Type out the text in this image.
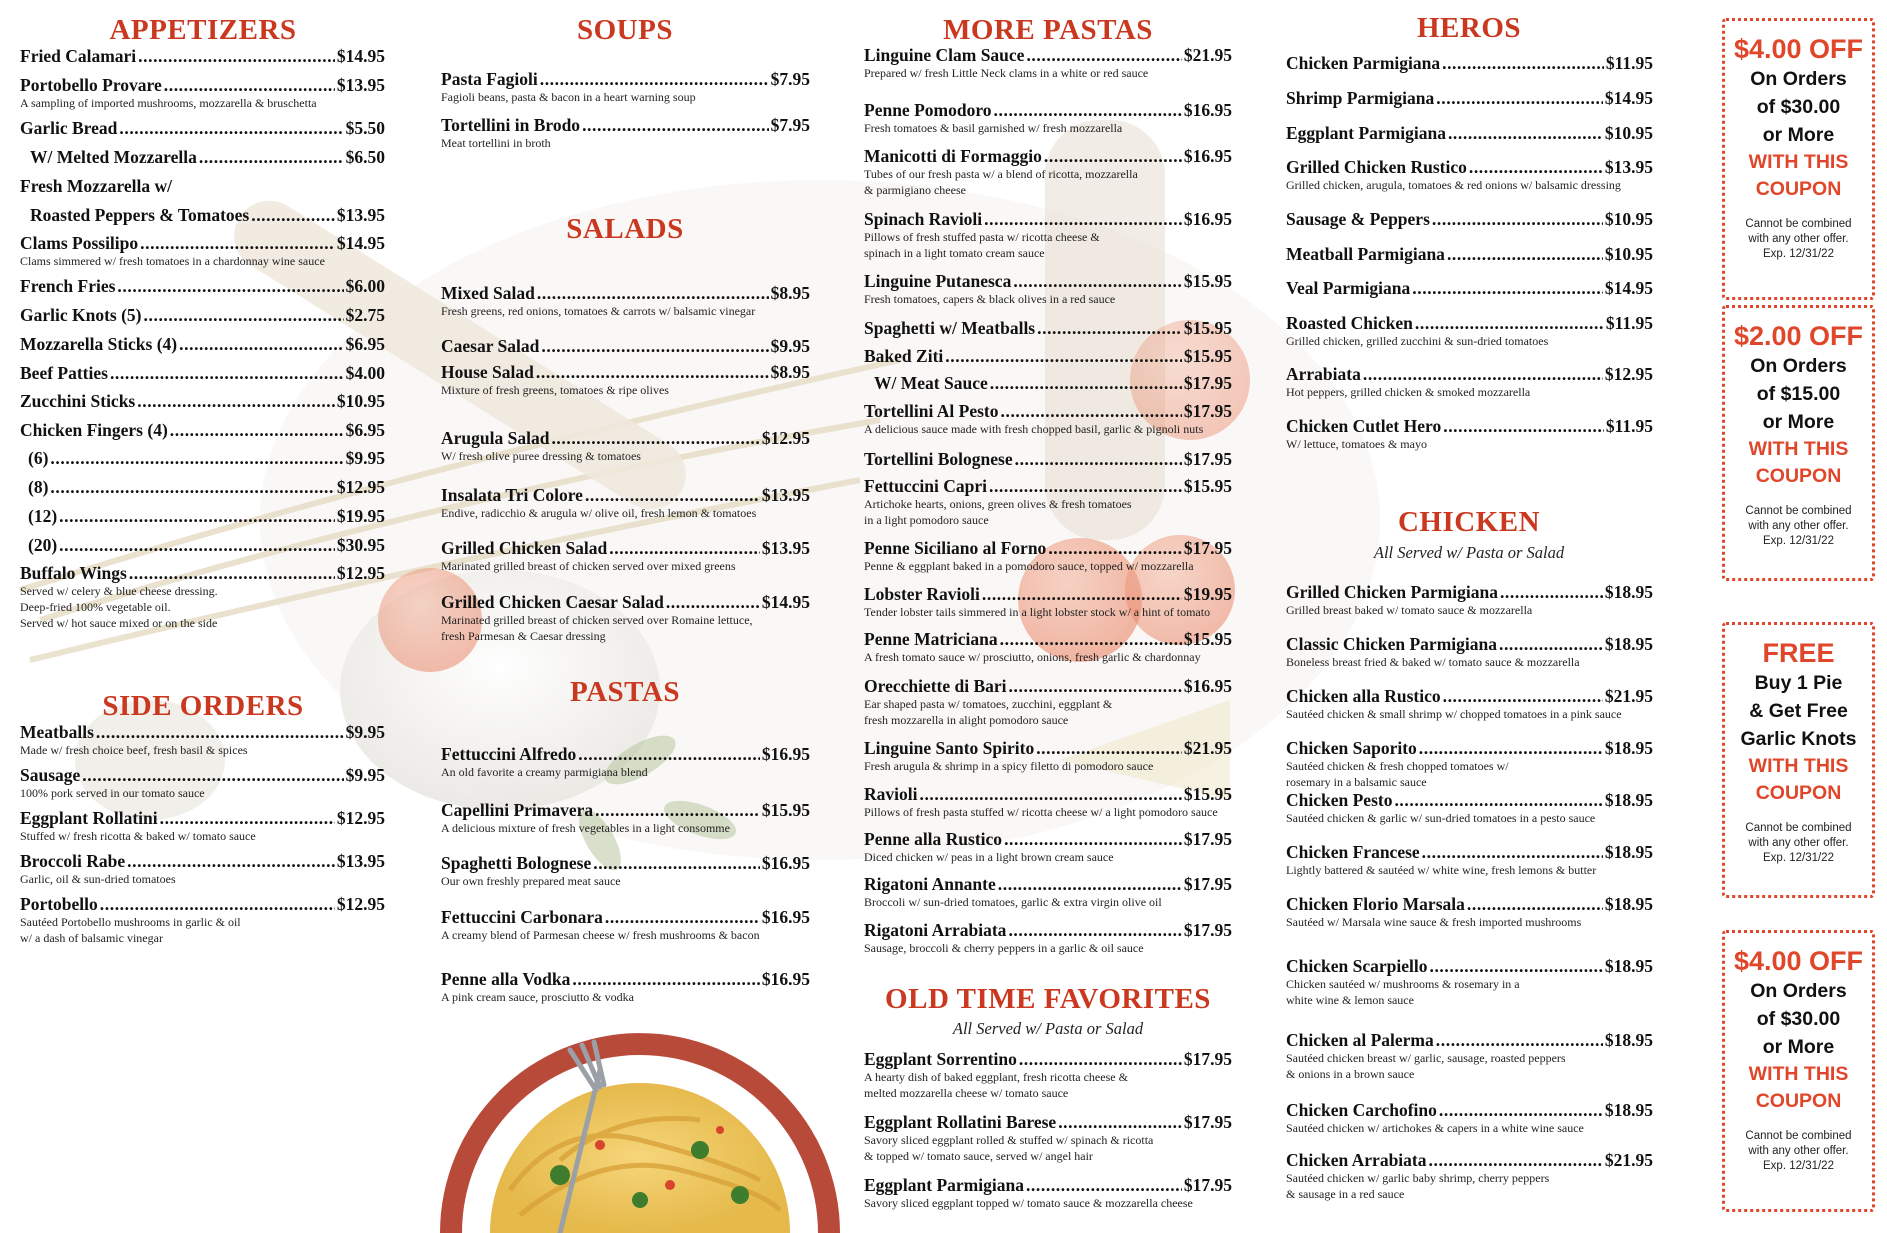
APPETIZERS
Fried Calamari .....	$14.95
Portobello Provare .....	$13.95
A sampling of imported mushrooms, mozzarella & bruschetta
Garlic Bread .....	$5.50
W/ Melted Mozzarella .....	$6.50
Fresh Mozzarella w/
Roasted Peppers & Tomatoes .....	$13.95
Clams Possilipo .....	$14.95
Clams simmered w/ fresh tomatoes in a chardonnay wine sauce
French Fries .....	$6.00
Garlic Knots (5) .....	$2.75
Mozzarella Sticks (4) .....	$6.95
Beef Patties .....	$4.00
Zucchini Sticks .....	$10.95
Chicken Fingers (4) .....	$6.95
(6) .....	$9.95
(8) .....	$12.95
(12) .....	$19.95
(20) .....	$30.95
Buffalo Wings .....	$12.95
Served w/ celery & blue cheese dressing.
Deep-fried 100% vegetable oil.
Served w/ hot sauce mixed or on the side
SIDE ORDERS
Meatballs .....	$9.95
Made w/ fresh choice beef, fresh basil & spices
Sausage .....	$9.95
100% pork served in our tomato sauce
Eggplant Rollatini .....	$12.95
Stuffed w/ fresh ricotta & baked w/ tomato sauce
Broccoli Rabe .....	$13.95
Garlic, oil & sun-dried tomatoes
Portobello .....	$12.95
Sautéed Portobello mushrooms in garlic & oil
w/ a dash of balsamic vinegar
SOUPS
Pasta Fagioli .....	$7.95
Fagioli beans, pasta & bacon in a heart warning soup
Tortellini in Brodo .....	$7.95
Meat tortellini in broth
SALADS
Mixed Salad .....	$8.95
Fresh greens, red onions, tomatoes & carrots w/ balsamic vinegar
Caesar Salad .....	$9.95
House Salad .....	$8.95
Mixture of fresh greens, tomatoes & ripe olives
Arugula Salad .....	$12.95
W/ fresh olive puree dressing & tomatoes
Insalata Tri Colore .....	$13.95
Endive, radicchio & arugula w/ olive oil, fresh lemon & tomatoes
Grilled Chicken Salad .....	$13.95
Marinated grilled breast of chicken served over mixed greens
Grilled Chicken Caesar Salad .....	$14.95
Marinated grilled breast of chicken served over Romaine lettuce,
fresh Parmesan & Caesar dressing
PASTAS
Fettuccini Alfredo .....	$16.95
An old favorite a creamy parmigiana blend
Capellini Primavera .....	$15.95
A delicious mixture of fresh vegetables in a light consomme
Spaghetti Bolognese .....	$16.95
Our own freshly prepared meat sauce
Fettuccini Carbonara .....	$16.95
A creamy blend of Parmesan cheese w/ fresh mushrooms & bacon
Penne alla Vodka .....	$16.95
A pink cream sauce, prosciutto & vodka
MORE PASTAS
Linguine Clam Sauce .....	$21.95
Prepared w/ fresh Little Neck clams in a white or red sauce
Penne Pomodoro .....	$16.95
Fresh tomatoes & basil garnished w/ fresh mozzarella
Manicotti di Formaggio .....	$16.95
Tubes of our fresh pasta w/ a blend of ricotta, mozzarella
& parmigiano cheese
Spinach Ravioli .....	$16.95
Pillows of fresh stuffed pasta w/ ricotta cheese &
spinach in a light tomato cream sauce
Linguine Putanesca .....	$15.95
Fresh tomatoes, capers & black olives in a red sauce
Spaghetti w/ Meatballs .....	$15.95
Baked Ziti .....	$15.95
W/ Meat Sauce .....	$17.95
Tortellini Al Pesto .....	$17.95
A delicious sauce made with fresh chopped basil, garlic & pignoli nuts
Tortellini Bolognese .....	$17.95
Fettuccini Capri .....	$15.95
Artichoke hearts, onions, green olives & fresh tomatoes
in a light pomodoro sauce
Penne Siciliano al Forno .....	$17.95
Penne & eggplant baked in a pomodoro sauce, topped w/ mozzarella
Lobster Ravioli .....	$19.95
Tender lobster tails simmered in a light lobster stock w/ a hint of tomato
Penne Matriciana .....	$15.95
A fresh tomato sauce w/ prosciutto, onions, fresh garlic & chardonnay
Orecchiette di Bari .....	$16.95
Ear shaped pasta w/ tomatoes, zucchini, eggplant &
fresh mozzarella in alight pomodoro sauce
Linguine Santo Spirito .....	$21.95
Fresh arugula & shrimp in a spicy filetto di pomodoro sauce
Ravioli .....	$15.95
Pillows of fresh pasta stuffed w/ ricotta cheese w/ a light pomodoro sauce
Penne alla Rustico .....	$17.95
Diced chicken w/ peas in a light brown cream sauce
Rigatoni Annante .....	$17.95
Broccoli w/ sun-dried tomatoes, garlic & extra virgin olive oil
Rigatoni Arrabiata .....	$17.95
Sausage, broccoli & cherry peppers in a garlic & oil sauce
OLD TIME FAVORITES
All Served w/ Pasta or Salad
Eggplant Sorrentino .....	$17.95
A hearty dish of baked eggplant, fresh ricotta cheese &
melted mozzarella cheese w/ tomato sauce
Eggplant Rollatini Barese .....	$17.95
Savory sliced eggplant rolled & stuffed w/ spinach & ricotta
& topped w/ tomato sauce, served w/ angel hair
Eggplant Parmigiana .....	$17.95
Savory sliced eggplant topped w/ tomato sauce & mozzarella cheese
HEROS
Chicken Parmigiana .....	$11.95
Shrimp Parmigiana .....	$14.95
Eggplant Parmigiana .....	$10.95
Grilled Chicken Rustico .....	$13.95
Grilled chicken, arugula, tomatoes & red onions w/ balsamic dressing
Sausage & Peppers .....	$10.95
Meatball Parmigiana .....	$10.95
Veal Parmigiana .....	$14.95
Roasted Chicken .....	$11.95
Grilled chicken, grilled zucchini & sun-dried tomatoes
Arrabiata .....	$12.95
Hot peppers, grilled chicken & smoked mozzarella
Chicken Cutlet Hero .....	$11.95
W/ lettuce, tomatoes & mayo
CHICKEN
All Served w/ Pasta or Salad
Grilled Chicken Parmigiana .....	$18.95
Grilled breast baked w/ tomato sauce & mozzarella
Classic Chicken Parmigiana .....	$18.95
Boneless breast fried & baked w/ tomato sauce & mozzarella
Chicken alla Rustico .....	$21.95
Sautéed chicken & small shrimp w/ chopped tomatoes in a pink sauce
Chicken Saporito .....	$18.95
Sautéed chicken & fresh chopped tomatoes w/
rosemary in a balsamic sauce
Chicken Pesto .....	$18.95
Sautéed chicken & garlic w/ sun-dried tomatoes in a pesto sauce
Chicken Francese .....	$18.95
Lightly battered & sautéed w/ white wine, fresh lemons & butter
Chicken Florio Marsala .....	$18.95
Sautéed w/ Marsala wine sauce & fresh imported mushrooms
Chicken Scarpiello .....	$18.95
Chicken sautéed w/ mushrooms & rosemary in a
white wine & lemon sauce
Chicken al Palerma .....	$18.95
Sautéed chicken breast w/ garlic, sausage, roasted peppers
& onions in a brown sauce
Chicken Carchofino .....	$18.95
Sautéed chicken w/ artichokes & capers in a white wine sauce
Chicken Arrabiata .....	$21.95
Sautéed chicken w/ garlic baby shrimp, cherry peppers
& sausage in a red sauce
$4.00 OFF
On Orders
of $30.00
or More
WITH THIS
COUPON
Cannot be combined
with any other offer.
Exp. 12/31/22
$2.00 OFF
On Orders
of $15.00
or More
WITH THIS
COUPON
Cannot be combined
with any other offer.
Exp. 12/31/22
FREE
Buy 1 Pie
& Get Free
Garlic Knots
WITH THIS
COUPON
Cannot be combined
with any other offer.
Exp. 12/31/22
$4.00 OFF
On Orders
of $30.00
or More
WITH THIS
COUPON
Cannot be combined
with any other offer.
Exp. 12/31/22
